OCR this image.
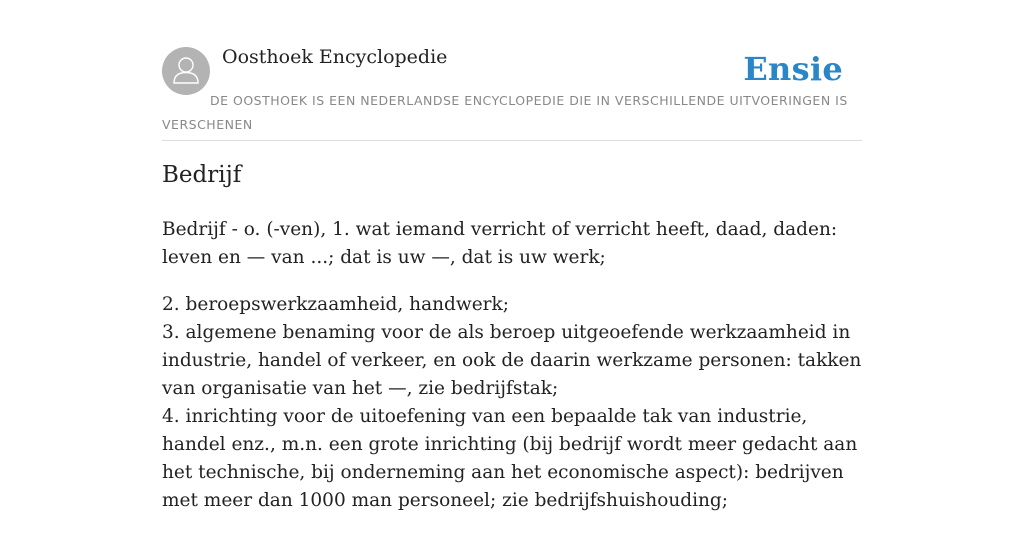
Oosthoek Encyclopedie	Ensie
DE OOSTHOEK IS EEN NEDERLANDSE ENCYCLOPEDIE DIE IN VERSCHILLENDE UITVOERINGEN IS VERSCHENEN
Bedrijf

Bedrijf - o. (-ven), 1. wat iemand verricht of verricht heeft, daad, daden: leven en — van ...; dat is uw —, dat is uw werk;

2. beroepswerkzaamheid, handwerk;
3. algemene benaming voor de als beroep uitgeoefende werkzaamheid in industrie, handel of verkeer, en ook de daarin werkzame personen: takken van organisatie van het —, zie bedrijfstak;
4. inrichting voor de uitoefening van een bepaalde tak van industrie, handel enz., m.n. een grote inrichting (bij bedrijf wordt meer gedacht aan het technische, bij onderneming aan het economische aspect): bedrijven met meer dan 1000 man personeel; zie bedrijfshuishouding;
